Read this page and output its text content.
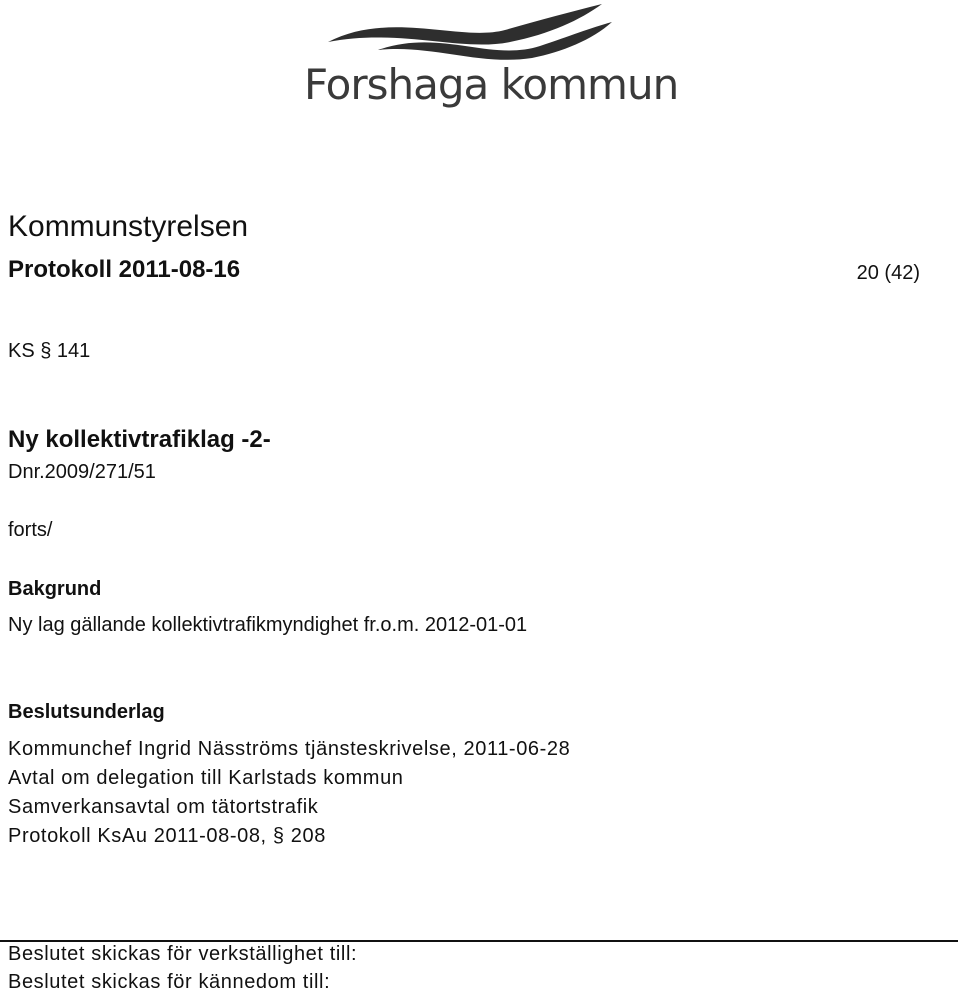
Forshaga kommun
Kommunstyrelsen
Protokoll 2011-08-16	20 (42)
KS § 141
Ny kollektivtrafiklag -2-
Dnr.2009/271/51
forts/
Bakgrund
Ny lag gällande kollektivtrafikmyndighet fr.o.m. 2012-01-01
Beslutsunderlag
Kommunchef Ingrid Näsströms tjänsteskrivelse, 2011-06-28
Avtal om delegation till Karlstads kommun
Samverkansavtal om tätortstrafik
Protokoll KsAu 2011-08-08, § 208
Beslutet skickas för verkställighet till:
Beslutet skickas för kännedom till:
